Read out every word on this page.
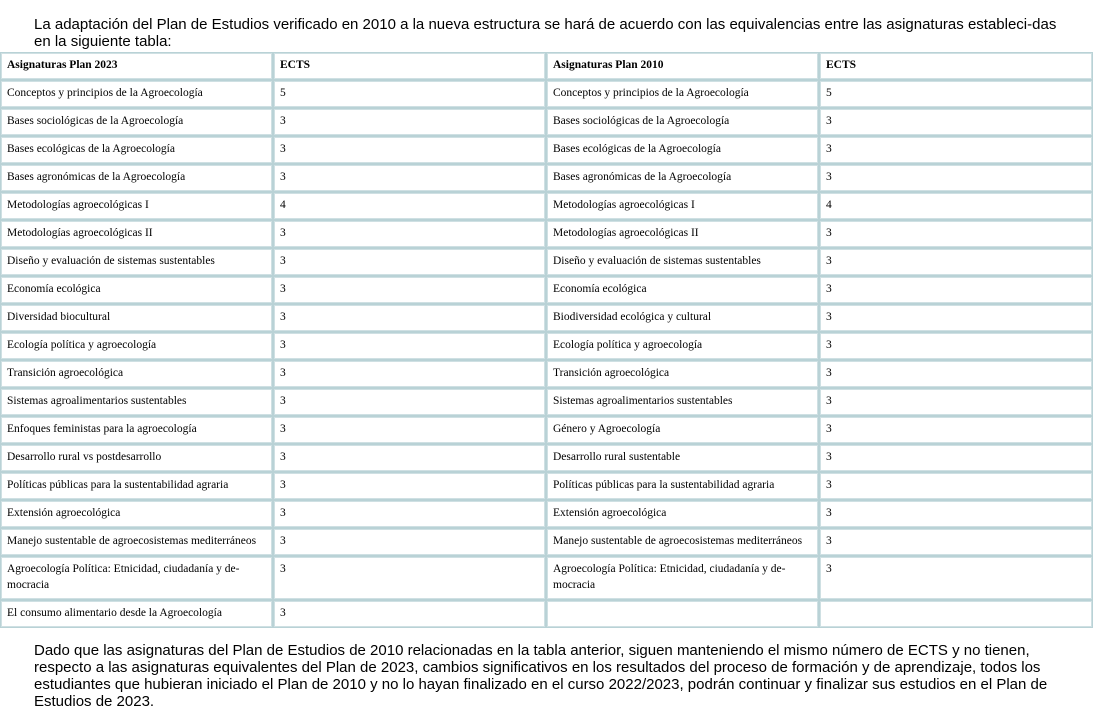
La adaptación del Plan de Estudios verificado en 2010 a la nueva estructura se hará de acuerdo con las equivalencias entre las asignaturas estableci-das en la siguiente tabla:

Asignaturas Plan 2023	ECTS	Asignaturas Plan 2010	ECTS
Conceptos y principios de la Agroecología	5	Conceptos y principios de la Agroecología	5
Bases sociológicas de la Agroecología	3	Bases sociológicas de la Agroecología	3
Bases ecológicas de la Agroecología	3	Bases ecológicas de la Agroecología	3
Bases agronómicas de la Agroecología	3	Bases agronómicas de la Agroecología	3
Metodologías agroecológicas I	4	Metodologías agroecológicas I	4
Metodologías agroecológicas II	3	Metodologías agroecológicas II	3
Diseño y evaluación de sistemas sustentables	3	Diseño y evaluación de sistemas sustentables	3
Economía ecológica	3	Economía ecológica	3
Diversidad biocultural	3	Biodiversidad ecológica y cultural	3
Ecología política y agroecología	3	Ecología política y agroecología	3
Transición agroecológica	3	Transición agroecológica	3
Sistemas agroalimentarios sustentables	3	Sistemas agroalimentarios sustentables	3
Enfoques feministas para la agroecología	3	Género y Agroecología	3
Desarrollo rural vs postdesarrollo	3	Desarrollo rural sustentable	3
Políticas públicas para la sustentabilidad agraria	3	Políticas públicas para la sustentabilidad agraria	3
Extensión agroecológica	3	Extensión agroecológica	3
Manejo sustentable de agroecosistemas mediterráneos	3	Manejo sustentable de agroecosistemas mediterráneos	3
Agroecología Política: Etnicidad, ciudadanía y de-mocracia	3	Agroecología Política: Etnicidad, ciudadanía y de-mocracia	3
El consumo alimentario desde la Agroecología	3		

Dado que las asignaturas del Plan de Estudios de 2010 relacionadas en la tabla anterior, siguen manteniendo el mismo número de ECTS y no tienen, respecto a las asignaturas equivalentes del Plan de 2023, cambios significativos en los resultados del proceso de formación y de aprendizaje, todos los estudiantes que hubieran iniciado el Plan de 2010 y no lo hayan finalizado en el curso 2022/2023, podrán continuar y finalizar sus estudios en el Plan de Estudios de 2023.
